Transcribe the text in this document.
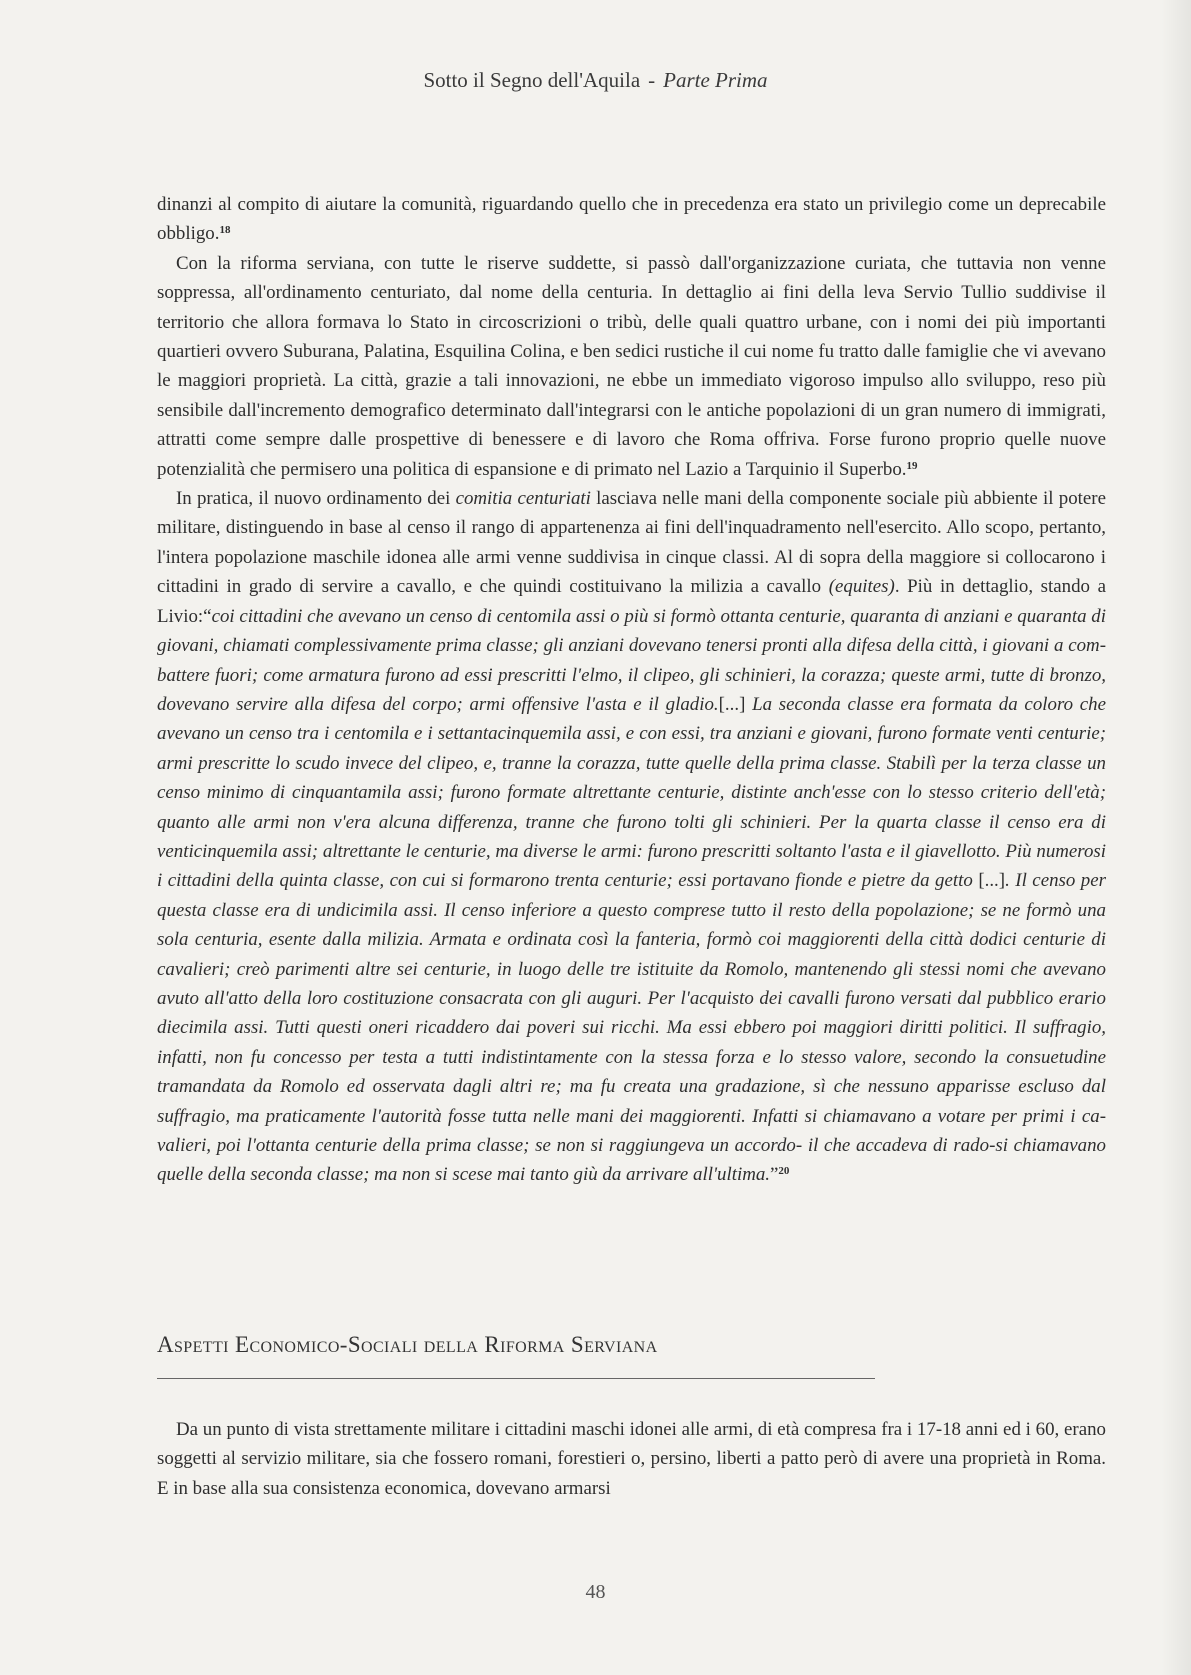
Sotto il Segno dell'Aquila - Parte Prima

dinanzi al compito di aiutare la comunità, riguardando quello che in precedenza era stato un privilegio come un deprecabile obbligo.$^{18}$

Con la riforma serviana, con tutte le riserve suddette, si passò dall'organizzazione curiata, che tuttavia non venne soppressa, all'ordinamento centuriato, dal nome della centuria. In dettaglio ai fini della leva Servio Tullio suddivise il territorio che allora formava lo Stato in circoscrizioni o tribù, delle quali quattro urbane, con i nomi dei più importanti quartieri ovvero Suburana, Palatina, Esquilina Colina, e ben sedici rustiche il cui nome fu tratto dalle famiglie che vi avevano le maggiori proprietà. La città, grazie a tali innovazioni, ne ebbe un immediato vigoroso impulso allo sviluppo, reso più sensibile dall'incremento demografico determinato dall'integrarsi con le antiche popolazioni di un gran numero di immigrati, attratti come sempre dalle prospettive di benessere e di lavoro che Roma offriva. Forse furono proprio quelle nuove potenzialità che permisero una politica di espansione e di primato nel Lazio a Tarquinio il Superbo.$^{19}$

In pratica, il nuovo ordinamento dei comitia centuriati lasciava nelle mani della componente sociale più abbiente il potere militare, distinguendo in base al censo il rango di appartenenza ai fini dell'inquadramento nell'esercito. Allo scopo, pertanto, l'intera popolazione maschile idonea alle armi venne suddivisa in cinque classi. Al di sopra della maggiore si collocarono i cittadini in grado di servire a cavallo, e che quindi costituivano la milizia a cavallo (equites). Più in dettaglio, stando a Livio:“coi cittadini che avevano un censo di centomila assi o più si formò ottanta centurie, quaranta di anziani e quaranta di giovani, chiamati complessivamente prima classe; gli anziani dovevano tenersi pronti alla difesa della città, i giovani a combattere fuori; come armatura furono ad essi prescritti l'elmo, il clipeo, gli schinieri, la corazza; queste armi, tutte di bronzo, dovevano servire alla difesa del corpo; armi offensive l'asta e il gladio.[...] La seconda classe era formata da coloro che avevano un censo tra i centomila e i settantacinquemila assi, e con essi, tra anziani e giovani, furono formate venti centurie; armi prescritte lo scudo invece del clipeo, e, tranne la corazza, tutte quelle della prima classe. Stabilì per la terza classe un censo minimo di cinquantamila assi; furono formate altrettante centurie, distinte anch'esse con lo stesso criterio dell'età; quanto alle armi non v'era alcuna differenza, tranne che furono tolti gli schinieri. Per la quarta classe il censo era di venticinquemila assi; altrettante le centurie, ma diverse le armi: furono prescritti soltanto l'asta e il giavellotto. Più numerosi i cittadini della quinta classe, con cui si formarono trenta centurie; essi portavano fionde e pietre da getto [...]. Il censo per questa classe era di undicimila assi. Il censo inferiore a questo comprese tutto il resto della popolazione; se ne formò una sola centuria, esente dalla milizia. Armata e ordinata così la fanteria, formò coi maggiorenti della città dodici centurie di cavalieri; creò parimenti altre sei centurie, in luogo delle tre istituite da Romolo, mantenendo gli stessi nomi che avevano avuto all'atto della loro costituzione consacrata con gli auguri. Per l'acquisto dei cavalli furono versati dal pubblico erario diecimila assi. Tutti questi oneri ricaddero dai poveri sui ricchi. Ma essi ebbero poi maggiori diritti politici. Il suffragio, infatti, non fu concesso per testa a tutti indistintamente con la stessa forza e lo stesso valore, secondo la consuetudine tramandata da Romolo ed osservata dagli altri re; ma fu creata una gradazione, sì che nessuno apparisse escluso dal suffragio, ma praticamente l'autorità fosse tutta nelle mani dei maggiorenti. Infatti si chiamavano a votare per primi i cavalieri, poi l'ottanta centurie della prima classe; se non si raggiungeva un accordo- il che accadeva di rado-si chiamavano quelle della seconda classe; ma non si scese mai tanto giù da arrivare all'ultima.”$^{20}$

Aspetti Economico-Sociali della Riforma Serviana

Da un punto di vista strettamente militare i cittadini maschi idonei alle armi, di età compresa fra i 17-18 anni ed i 60, erano soggetti al servizio militare, sia che fossero romani, forestieri o, persino, liberti a patto però di avere una proprietà in Roma. E in base alla sua consistenza economica, dovevano armarsi

48
